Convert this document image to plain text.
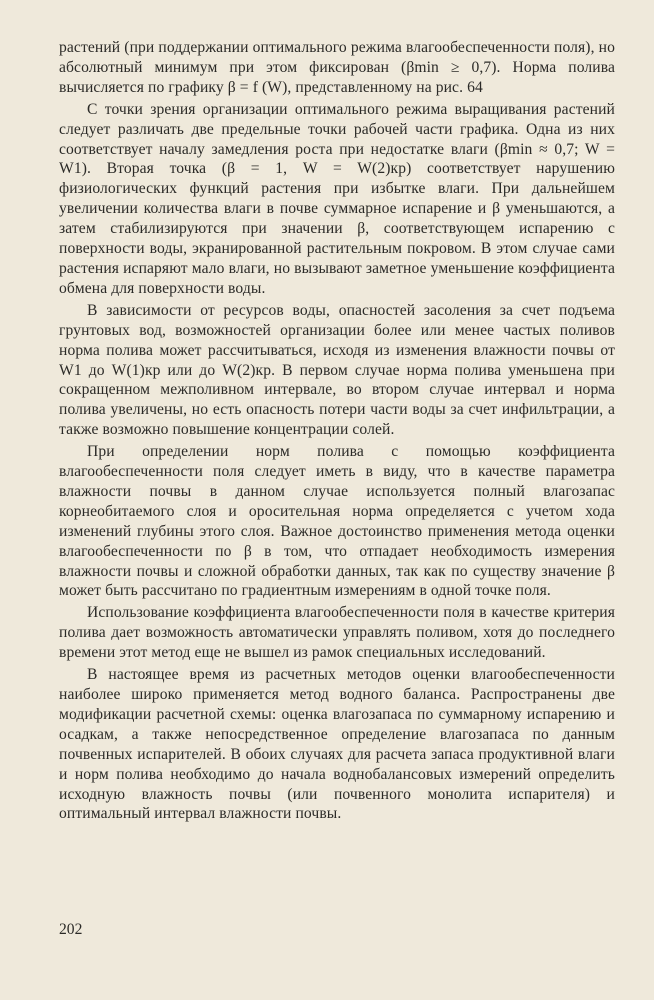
растений (при поддержании оптимального режима влагообеспеченности поля), но абсолютный минимум при этом фиксирован (βmin ≥ 0,7). Норма полива вычисляется по графику β = f (W), представленному на рис. 64

С точки зрения организации оптимального режима выращивания растений следует различать две предельные точки рабочей части графика. Одна из них соответствует началу замедления роста при недостатке влаги (βmin ≈ 0,7; W = W1). Вторая точка (β = 1, W = W(2)кр) соответствует нарушению физиологических функций растения при избытке влаги. При дальнейшем увеличении количества влаги в почве суммарное испарение и β уменьшаются, а затем стабилизируются при значении β, соответствующем испарению с поверхности воды, экранированной растительным покровом. В этом случае сами растения испаряют мало влаги, но вызывают заметное уменьшение коэффициента обмена для поверхности воды.

В зависимости от ресурсов воды, опасностей засоления за счет подъема грунтовых вод, возможностей организации более или менее частых поливов норма полива может рассчитываться, исходя из изменения влажности почвы от W1 до W(1)кр или до W(2)кр. В первом случае норма полива уменьшена при сокращенном межполивном интервале, во втором случае интервал и норма полива увеличены, но есть опасность потери части воды за счет инфильтрации, а также возможно повышение концентрации солей.

При определении норм полива с помощью коэффициента влагообеспеченности поля следует иметь в виду, что в качестве параметра влажности почвы в данном случае используется полный влагозапас корнеобитаемого слоя и оросительная норма определяется с учетом хода изменений глубины этого слоя. Важное достоинство применения метода оценки влагообеспеченности по β в том, что отпадает необходимость измерения влажности почвы и сложной обработки данных, так как по существу значение β может быть рассчитано по градиентным измерениям в одной точке поля.

Использование коэффициента влагообеспеченности поля в качестве критерия полива дает возможность автоматически управлять поливом, хотя до последнего времени этот метод еще не вышел из рамок специальных исследований.

В настоящее время из расчетных методов оценки влагообеспеченности наиболее широко применяется метод водного баланса. Распространены две модификации расчетной схемы: оценка влагозапаса по суммарному испарению и осадкам, а также непосредственное определение влагозапаса по данным почвенных испарителей. В обоих случаях для расчета запаса продуктивной влаги и норм полива необходимо до начала воднобалансовых измерений определить исходную влажность почвы (или почвенного монолита испарителя) и оптимальный интервал влажности почвы.

202
